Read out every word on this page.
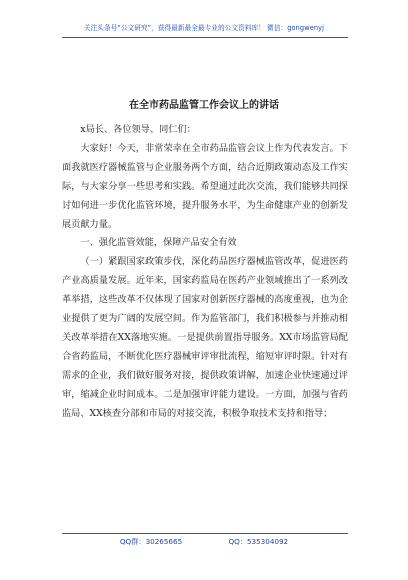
关注头条号“公文研究”，获得最新最全最专业的公文资料库！ 微信：gongwenyj
在全市药品监管工作会议上的讲话

x局长、各位领导、同仁们：

大家好！今天，非常荣幸在全市药品监管会议上作为代表发言。下面我就医疗器械监管与企业服务两个方面，结合近期政策动态及工作实际，与大家分享一些思考和实践。希望通过此次交流，我们能够共同探讨如何进一步优化监管环境，提升服务水平，为生命健康产业的创新发展贡献力量。

一、强化监管效能，保障产品安全有效

（一）紧跟国家政策步伐，深化药品医疗器械监管改革，促进医药产业高质量发展。近年来，国家药监局在医药产业领域推出了一系列改革举措，这些改革不仅体现了国家对创新医疗器械的高度重视，也为企业提供了更为广阔的发展空间。作为监管部门，我们积极参与并推动相关改革举措在XX落地实施。一是提供前置指导服务。XX市场监管局配合省药监局，不断优化医疗器械审评审批流程，缩短审评时限。针对有需求的企业，我们做好服务对接，提供政策讲解，加速企业快速通过评审，缩减企业时间成本。二是加强审评能力建设。一方面，加强与省药监局、XX核查分部和市局的对接交流，积极争取技术支持和指导；

QQ群：30265665	QQ：535304092
